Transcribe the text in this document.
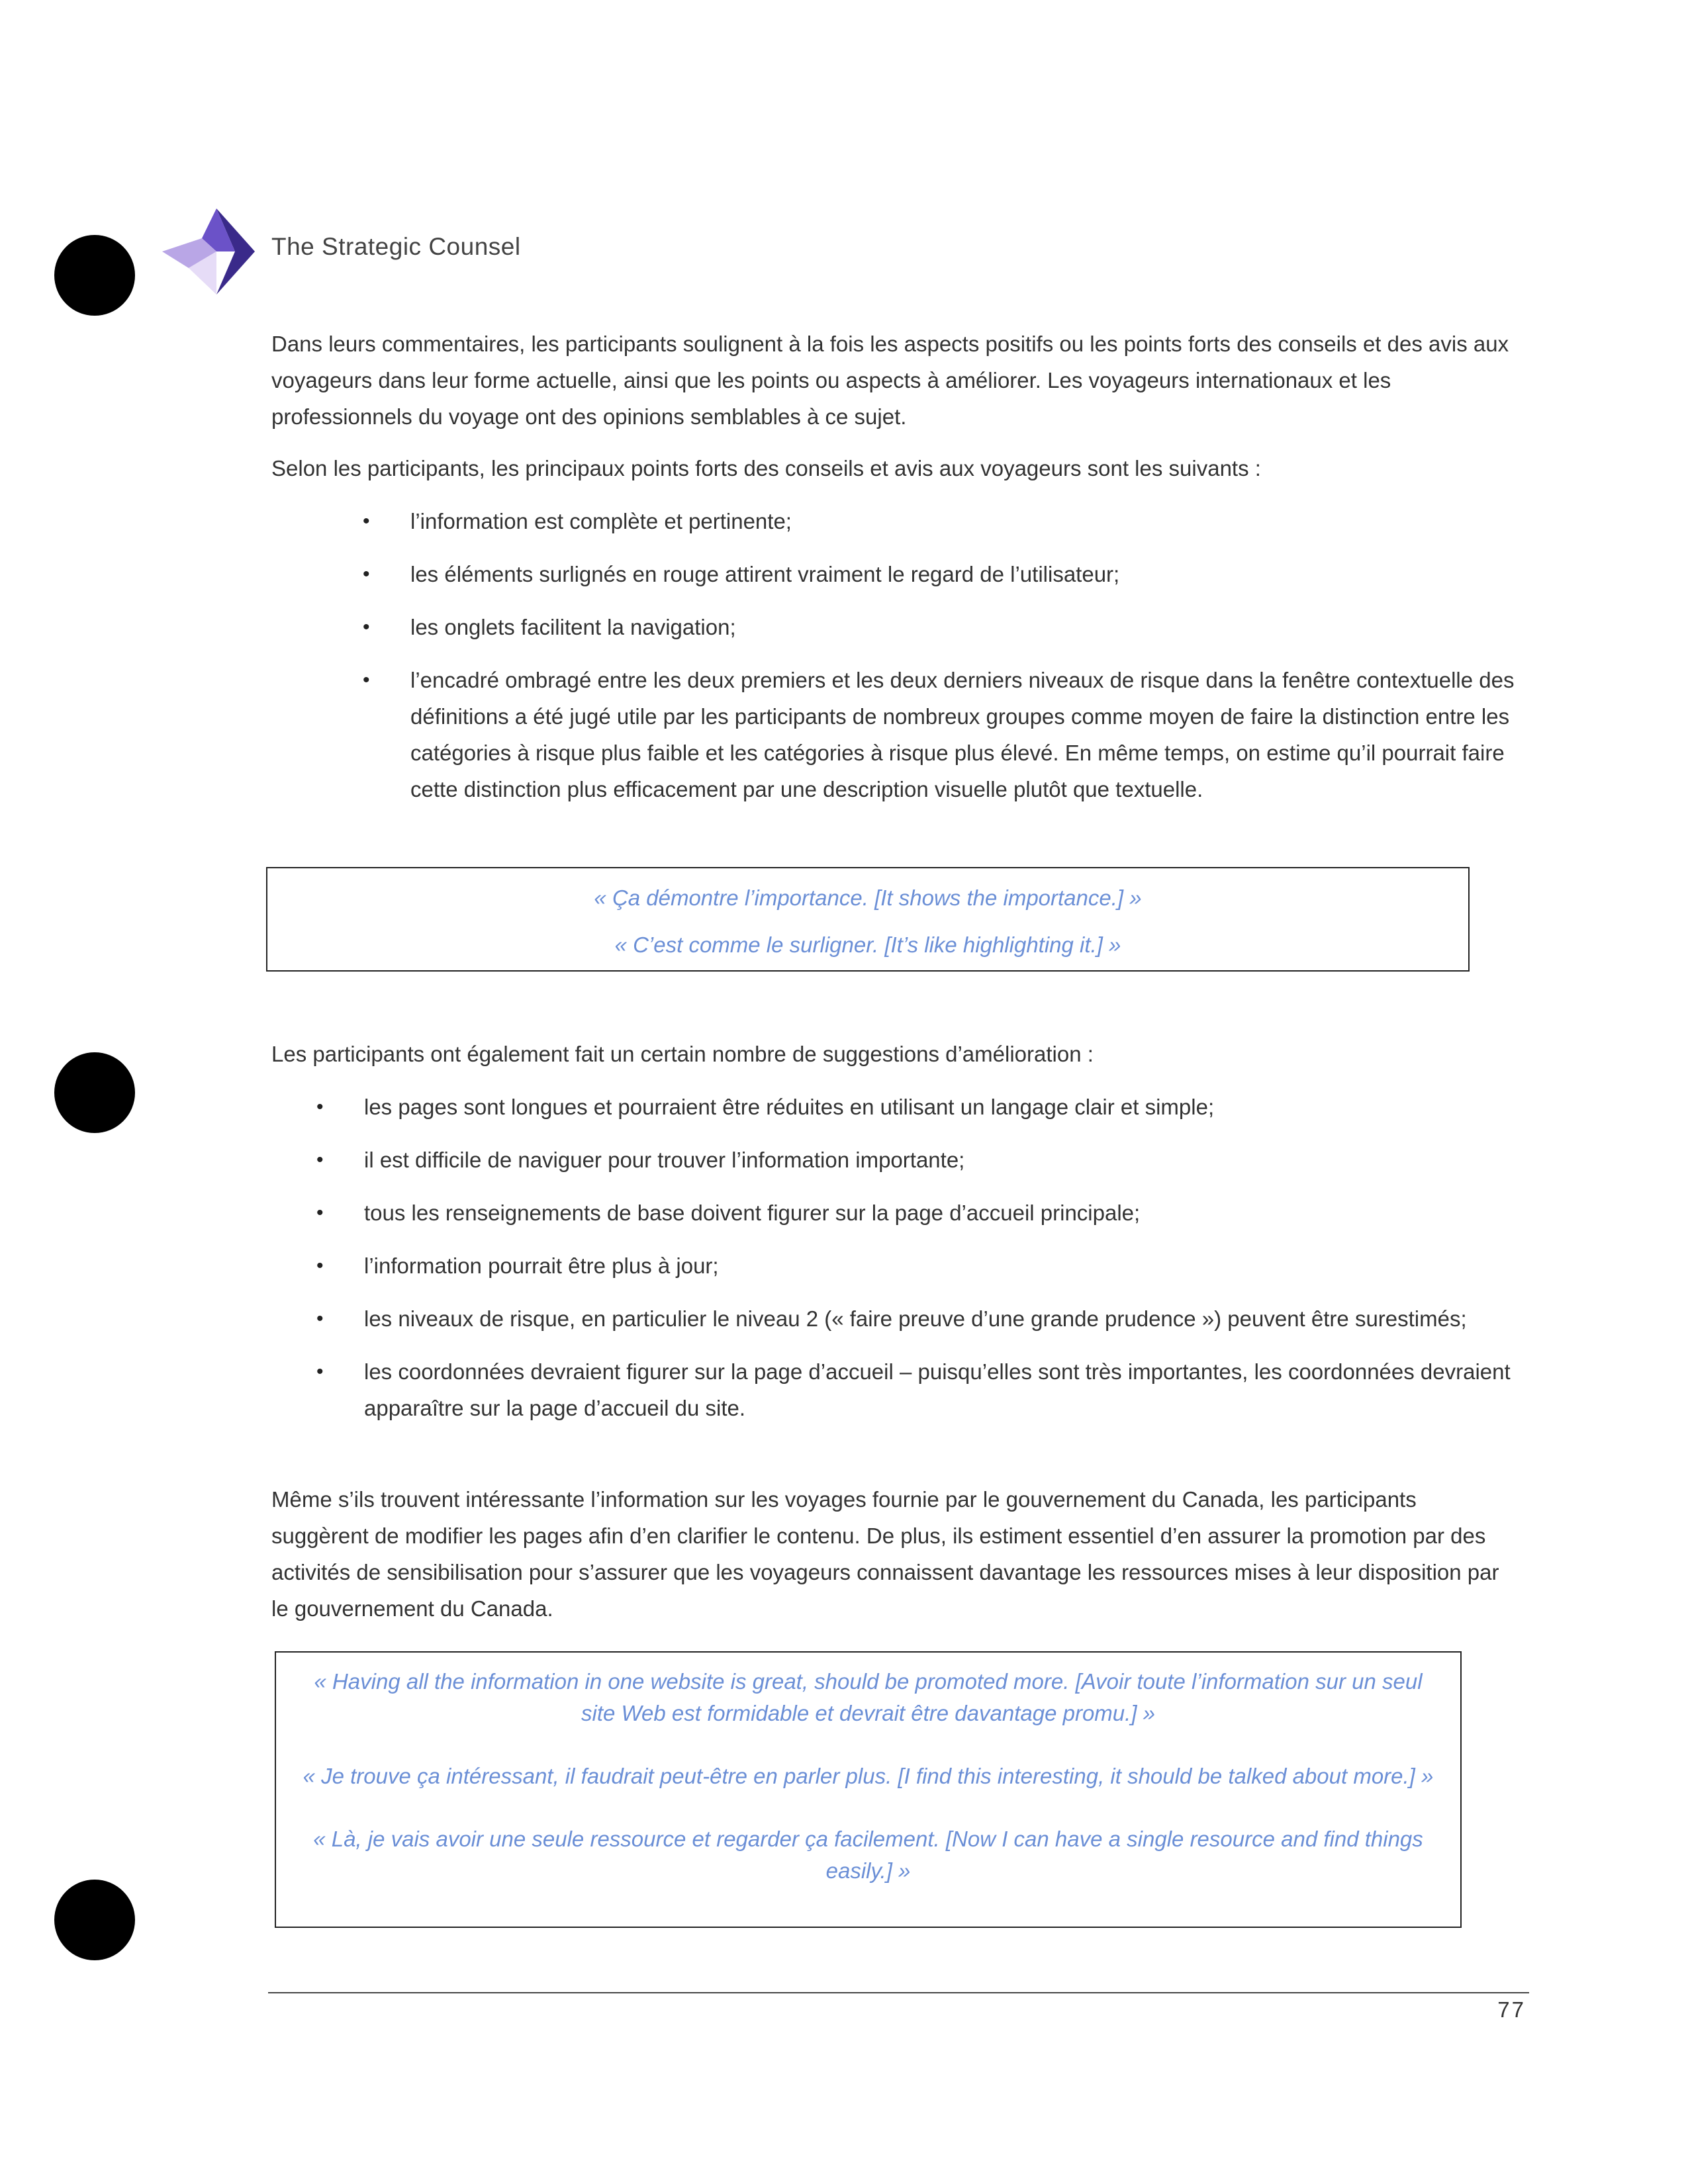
The Strategic Counsel

Dans leurs commentaires, les participants soulignent à la fois les aspects positifs ou les points forts des conseils et des avis aux voyageurs dans leur forme actuelle, ainsi que les points ou aspects à améliorer. Les voyageurs internationaux et les professionnels du voyage ont des opinions semblables à ce sujet.

Selon les participants, les principaux points forts des conseils et avis aux voyageurs sont les suivants :

• l’information est complète et pertinente;
• les éléments surlignés en rouge attirent vraiment le regard de l’utilisateur;
• les onglets facilitent la navigation;
• l’encadré ombragé entre les deux premiers et les deux derniers niveaux de risque dans la fenêtre contextuelle des définitions a été jugé utile par les participants de nombreux groupes comme moyen de faire la distinction entre les catégories à risque plus faible et les catégories à risque plus élevé. En même temps, on estime qu’il pourrait faire cette distinction plus efficacement par une description visuelle plutôt que textuelle.

« Ça démontre l’importance. [It shows the importance.] »

« C’est comme le surligner. [It’s like highlighting it.] »

Les participants ont également fait un certain nombre de suggestions d’amélioration :

• les pages sont longues et pourraient être réduites en utilisant un langage clair et simple;
• il est difficile de naviguer pour trouver l’information importante;
• tous les renseignements de base doivent figurer sur la page d’accueil principale;
• l’information pourrait être plus à jour;
• les niveaux de risque, en particulier le niveau 2 (« faire preuve d’une grande prudence ») peuvent être surestimés;
• les coordonnées devraient figurer sur la page d’accueil – puisqu’elles sont très importantes, les coordonnées devraient apparaître sur la page d’accueil du site.

Même s’ils trouvent intéressante l’information sur les voyages fournie par le gouvernement du Canada, les participants suggèrent de modifier les pages afin d’en clarifier le contenu. De plus, ils estiment essentiel d’en assurer la promotion par des activités de sensibilisation pour s’assurer que les voyageurs connaissent davantage les ressources mises à leur disposition par le gouvernement du Canada.

« Having all the information in one website is great, should be promoted more. [Avoir toute l’information sur un seul site Web est formidable et devrait être davantage promu.] »

« Je trouve ça intéressant, il faudrait peut-être en parler plus. [I find this interesting, it should be talked about more.] »

« Là, je vais avoir une seule ressource et regarder ça facilement. [Now I can have a single resource and find things easily.] »

77
